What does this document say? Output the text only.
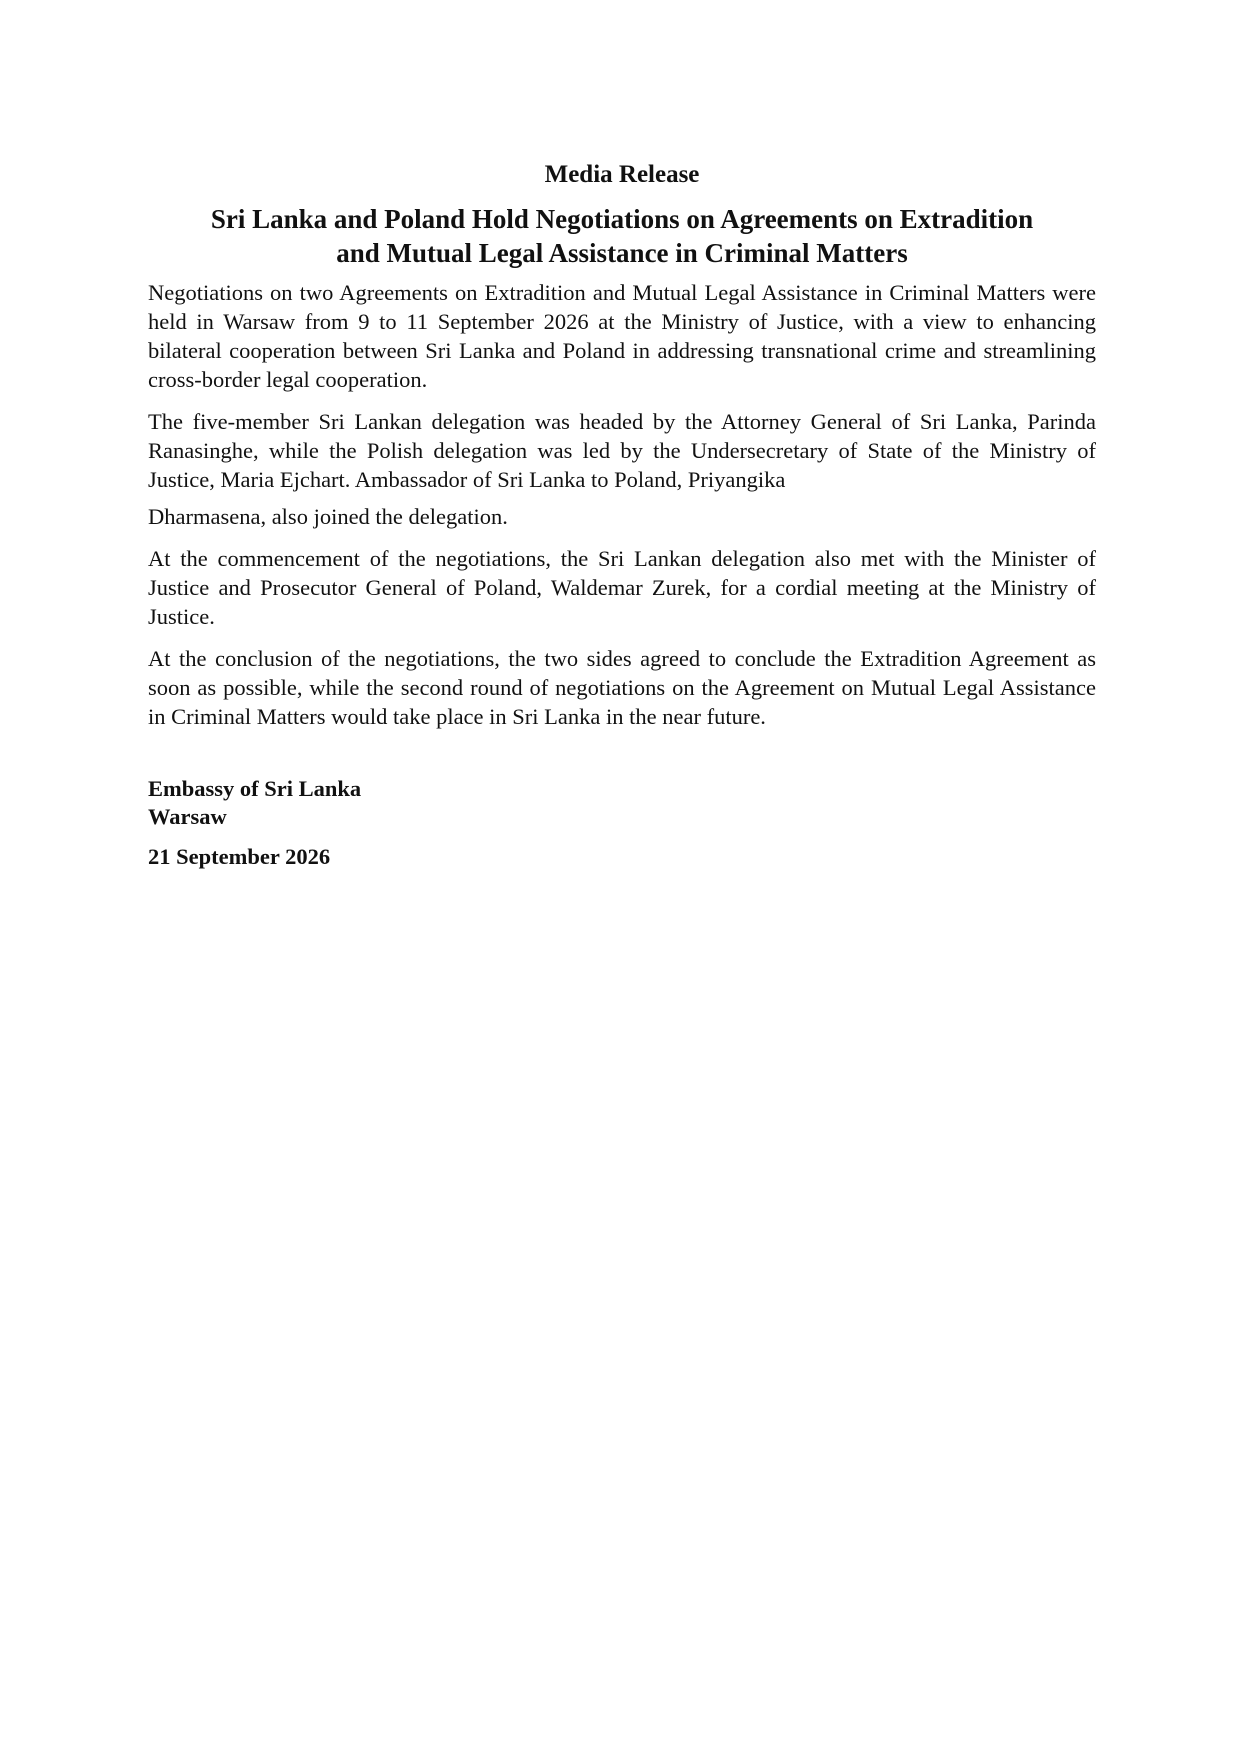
Media Release
Sri Lanka and Poland Hold Negotiations on Agreements on Extradition
and Mutual Legal Assistance in Criminal Matters

Negotiations on two Agreements on Extradition and Mutual Legal Assistance in Criminal Matters were held in Warsaw from 9 to 11 September 2026 at the Ministry of Justice, with a view to enhancing bilateral cooperation between Sri Lanka and Poland in addressing transnational crime and streamlining cross-border legal cooperation.

The five-member Sri Lankan delegation was headed by the Attorney General of Sri Lanka, Parinda Ranasinghe, while the Polish delegation was led by the Undersecretary of State of the Ministry of Justice, Maria Ejchart. Ambassador of Sri Lanka to Poland, Priyangika

Dharmasena, also joined the delegation.

At the commencement of the negotiations, the Sri Lankan delegation also met with the Minister of Justice and Prosecutor General of Poland, Waldemar Zurek, for a cordial meeting at the Ministry of Justice.

At the conclusion of the negotiations, the two sides agreed to conclude the Extradition Agreement as soon as possible, while the second round of negotiations on the Agreement on Mutual Legal Assistance in Criminal Matters would take place in Sri Lanka in the near future.

Embassy of Sri Lanka
Warsaw
21 September 2026
